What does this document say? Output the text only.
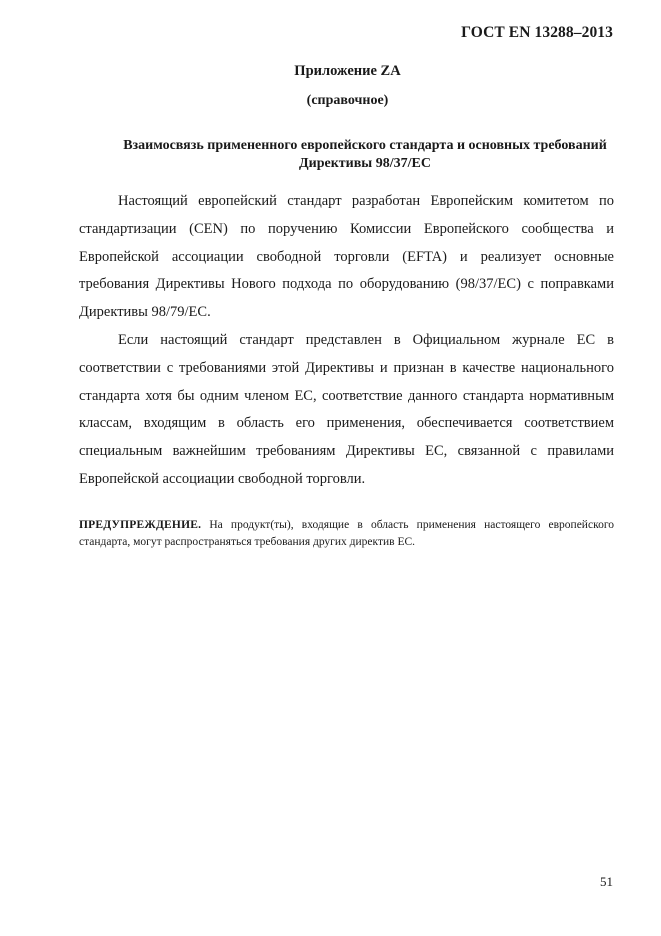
ГОСТ EN 13288–2013
Приложение ZA
(справочное)
Взаимосвязь примененного европейского стандарта и основных требований Директивы 98/37/ЕС

Настоящий европейский стандарт разработан Европейским комитетом по стандартизации (CEN) по поручению Комиссии Европейского сообщества и Европейской ассоциации свободной торговли (EFTA) и реализует основные требования Директивы Нового подхода по оборудованию (98/37/ЕС) с поправками Директивы 98/79/ЕС.

Если настоящий стандарт представлен в Официальном журнале ЕС в соответствии с требованиями этой Директивы и признан в качестве национального стандарта хотя бы одним членом ЕС, соответствие данного стандарта нормативным классам, входящим в область его применения, обеспечивается соответствием специальным важнейшим требованиям Директивы ЕС, связанной с правилами Европейской ассоциации свободной торговли.

ПРЕДУПРЕЖДЕНИЕ. На продукт(ты), входящие в область применения настоящего европейского стандарта, могут распространяться требования других директив ЕС.
51
